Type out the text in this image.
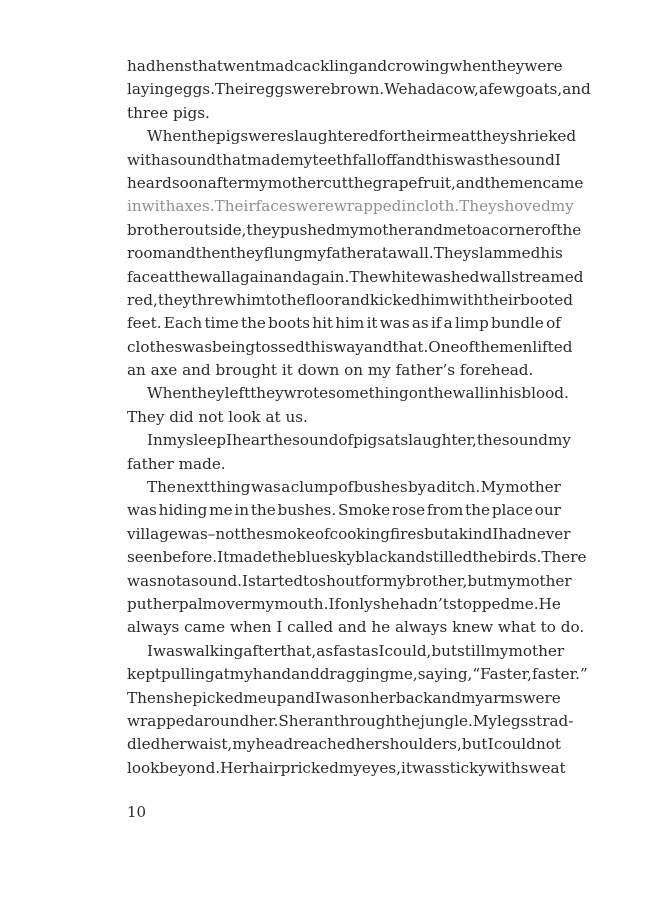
had hens that went mad cackling and crowing when they were
laying eggs. Their eggs were brown. We had a cow, a few goats, and
three pigs.
When the pigs were slaughtered for their meat they shrieked
with a sound that made my teeth fall off and this was the sound I
heard soon after my mother cut the grapefruit, and the men came
in with axes. Their faces were wrapped in cloth. They shoved my
brother outside, they pushed my mother and me to a corner of the
room and then they flung my father at a wall. They slammed his
face at the wall again and again. The whitewashed wall streamed
red, they threw him to the floor and kicked him with their booted
feet. Each time the boots hit him it was as if a limp bundle of
clothes was being tossed this way and that. One of the men lifted
an axe and brought it down on my father’s forehead.
When they left they wrote something on the wall in his blood.
They did not look at us.
In my sleep I hear the sound of pigs at slaughter, the sound my
father made.
The next thing was a clump of bushes by a ditch. My mother
was hiding me in the bushes. Smoke rose from the place our
village was – not the smoke of cooking fires but a kind I had never
seen before. It made the blue sky black and stilled the birds. There
was not a sound. I started to shout for my brother, but my mother
put her palm over my mouth. If only she hadn’t stopped me. He
always came when I called and he always knew what to do.
I was walking after that, as fast as I could, but still my mother
kept pulling at my hand and dragging me, saying, “Faster, faster.”
Then she picked me up and I was on her back and my arms were
wrapped around her. She ran through the jungle. My legs strad-
dled her waist, my head reached her shoulders, but I could not
look beyond. Her hair pricked my eyes, it was sticky with sweat
10
